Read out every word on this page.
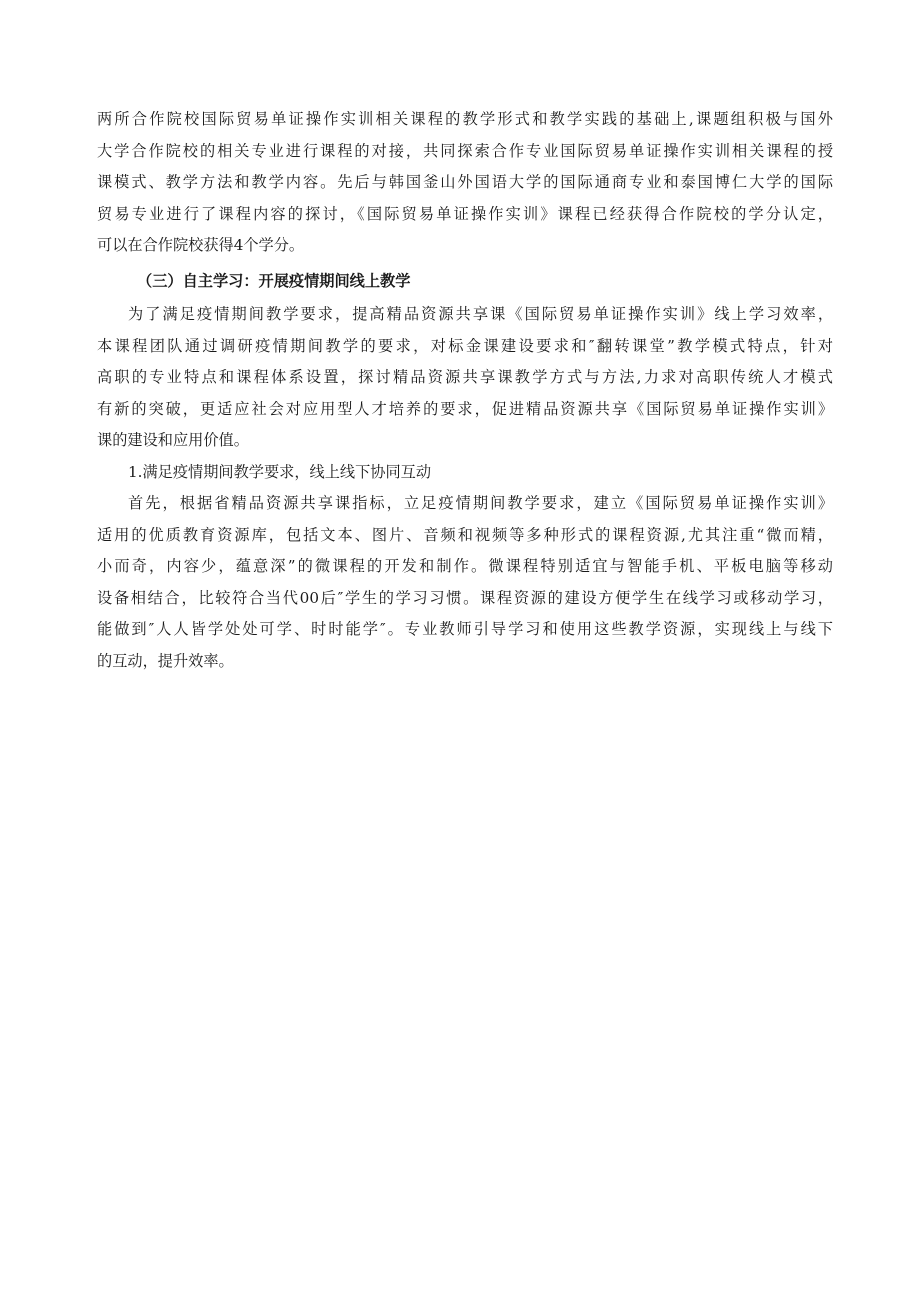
两所合作院校国际贸易单证操作实训相关课程的教学形式和教学实践的基础上,课题组积极与国外
大学合作院校的相关专业进行课程的对接，共同探索合作专业国际贸易单证操作实训相关课程的授
课模式、教学方法和教学内容。先后与韩国釜山外国语大学的国际通商专业和泰国博仁大学的国际
贸易专业进行了课程内容的探讨，《国际贸易单证操作实训》课程已经获得合作院校的学分认定，
可以在合作院校获得4个学分。
（三）自主学习：开展疫情期间线上教学
为了满足疫情期间教学要求，提高精品资源共享课《国际贸易单证操作实训》线上学习效率，
本课程团队通过调研疫情期间教学的要求，对标金课建设要求和″翻转课堂”教学模式特点，针对
高职的专业特点和课程体系设置，探讨精品资源共享课教学方式与方法,力求对高职传统人才模式
有新的突破，更适应社会对应用型人才培养的要求，促进精品资源共享《国际贸易单证操作实训》
课的建设和应用价值。
1.满足疫情期间教学要求，线上线下协同互动
首先，根据省精品资源共享课指标，立足疫情期间教学要求，建立《国际贸易单证操作实训》
适用的优质教育资源库，包括文本、图片、音频和视频等多种形式的课程资源,尤其注重“微而精，
小而奇，内容少，蕴意深”的微课程的开发和制作。微课程特别适宜与智能手机、平板电脑等移动
设备相结合，比较符合当代00后″学生的学习习惯。课程资源的建设方便学生在线学习或移动学习，
能做到″人人皆学处处可学、时时能学″。专业教师引导学习和使用这些教学资源，实现线上与线下
的互动，提升效率。
